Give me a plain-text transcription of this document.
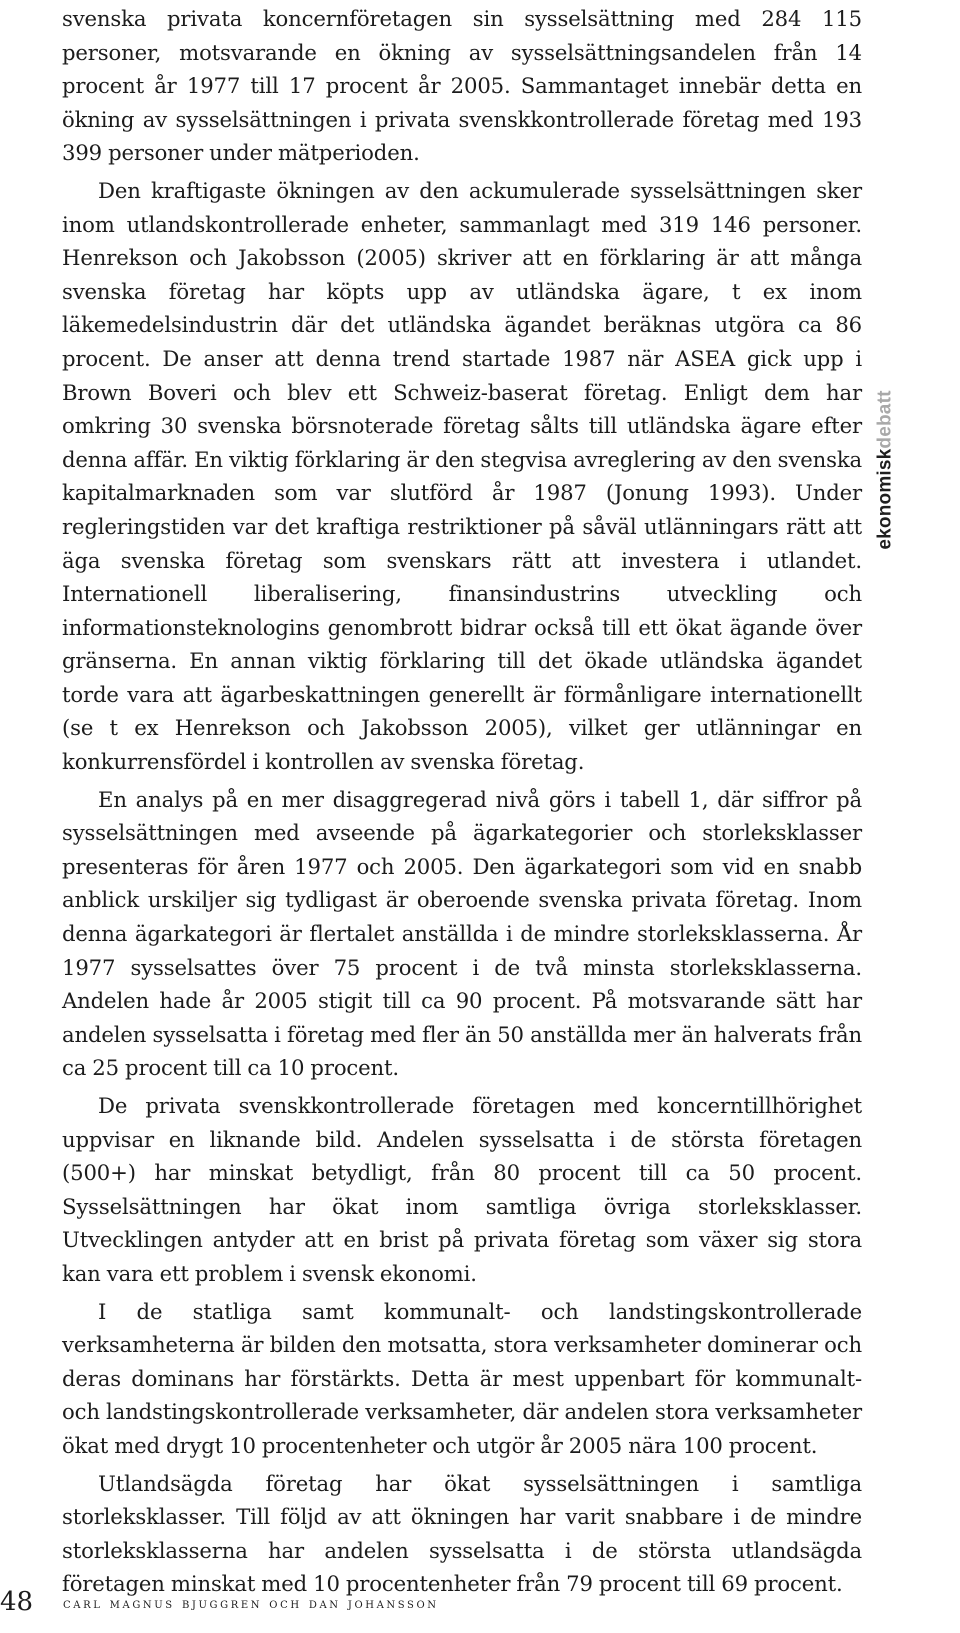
svenska privata koncernföretagen sin sysselsättning med 284 115 personer, motsvarande en ökning av sysselsättningsandelen från 14 procent år 1977 till 17 procent år 2005. Sammantaget innebär detta en ökning av sysselsättningen i privata svenskkontrollerade företag med 193 399 personer under mätperioden.

Den kraftigaste ökningen av den ackumulerade sysselsättningen sker inom utlandskontrollerade enheter, sammanlagt med 319 146 personer. Henrekson och Jakobsson (2005) skriver att en förklaring är att många svenska företag har köpts upp av utländska ägare, t ex inom läkemedelsindustrin där det utländska ägandet beräknas utgöra ca 86 procent. De anser att denna trend startade 1987 när ASEA gick upp i Brown Boveri och blev ett Schweiz-baserat företag. Enligt dem har omkring 30 svenska börsnoterade företag sålts till utländska ägare efter denna affär. En viktig förklaring är den stegvisa avreglering av den svenska kapitalmarknaden som var slutförd år 1987 (Jonung 1993). Under regleringstiden var det kraftiga restriktioner på såväl utlänningars rätt att äga svenska företag som svenskars rätt att investera i utlandet. Internationell liberalisering, finansindustrins utveckling och informationsteknologins genombrott bidrar också till ett ökat ägande över gränserna. En annan viktig förklaring till det ökade utländska ägandet torde vara att ägarbeskattningen generellt är förmånligare internationellt (se t ex Henrekson och Jakobsson 2005), vilket ger utlänningar en konkurrensfördel i kontrollen av svenska företag.

En analys på en mer disaggregerad nivå görs i tabell 1, där siffror på sysselsättningen med avseende på ägarkategorier och storleksklasser presenteras för åren 1977 och 2005. Den ägarkategori som vid en snabb anblick urskiljer sig tydligast är oberoende svenska privata företag. Inom denna ägarkategori är flertalet anställda i de mindre storleksklasserna. År 1977 sysselsattes över 75 procent i de två minsta storleksklasserna. Andelen hade år 2005 stigit till ca 90 procent. På motsvarande sätt har andelen sysselsatta i företag med fler än 50 anställda mer än halverats från ca 25 procent till ca 10 procent.

De privata svenskkontrollerade företagen med koncerntillhörighet uppvisar en liknande bild. Andelen sysselsatta i de största företagen (500+) har minskat betydligt, från 80 procent till ca 50 procent. Sysselsättningen har ökat inom samtliga övriga storleksklasser. Utvecklingen antyder att en brist på privata företag som växer sig stora kan vara ett problem i svensk ekonomi.

I de statliga samt kommunalt- och landstingskontrollerade verksamheterna är bilden den motsatta, stora verksamheter dominerar och deras dominans har förstärkts. Detta är mest uppenbart för kommunalt- och landstingskontrollerade verksamheter, där andelen stora verksamheter ökat med drygt 10 procentenheter och utgör år 2005 nära 100 procent.

Utlandsägda företag har ökat sysselsättningen i samtliga storleksklasser. Till följd av att ökningen har varit snabbare i de mindre storleksklasserna har andelen sysselsatta i de största utlandsägda företagen minskat med 10 procentenheter från 79 procent till 69 procent.

ekonomiskdebatt
48 carl magnus bjuggren och dan johansson
